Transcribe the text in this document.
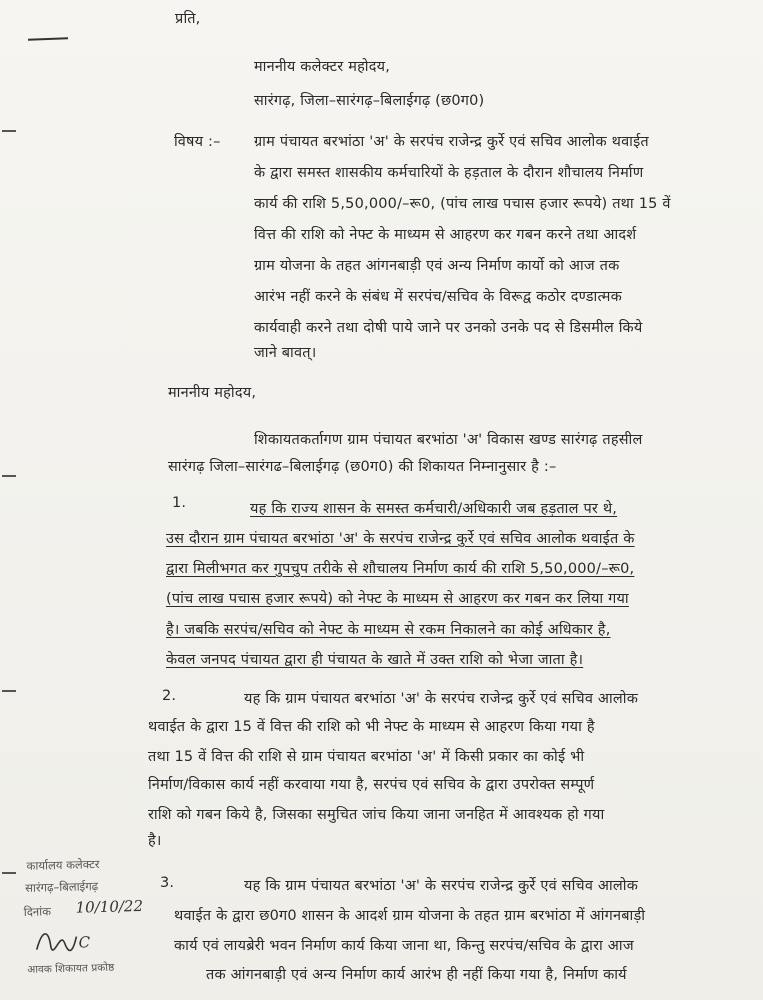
प्रति,
माननीय कलेक्टर महोदय,
सारंगढ़, जिला–सारंगढ़–बिलाईगढ़ (छ0ग0)
विषय :– ग्राम पंचायत बरभांठा 'अ' के सरपंच राजेन्द्र कुर्रे एवं सचिव आलोक थवाईत
के द्वारा समस्त शासकीय कर्मचारियों के हड़ताल के दौरान शौचालय निर्माण
कार्य की राशि 5,50,000/–रू0, (पांच लाख पचास हजार रूपये) तथा 15 वें
वित्त की राशि को नेफ्ट के माध्यम से आहरण कर गबन करने तथा आदर्श
ग्राम योजना के तहत आंगनबाड़ी एवं अन्य निर्माण कार्यो को आज तक
आरंभ नहीं करने के संबंध में सरपंच/सचिव के विरूद्व कठोर दण्डात्मक
कार्यवाही करने तथा दोषी पाये जाने पर उनको उनके पद से डिसमील किये
जाने बावत्।
माननीय महोदय,
शिकायतकर्तागण ग्राम पंचायत बरभांठा 'अ' विकास खण्ड सारंगढ़ तहसील
सारंगढ़ जिला–सारंगढ–बिलाईगढ़ (छ0ग0) की शिकायत निम्नानुसार है :–
1.	यह कि राज्य शासन के समस्त कर्मचारी/अधिकारी जब हड़ताल पर थे,
उस दौरान ग्राम पंचायत बरभांठा 'अ' के सरपंच राजेन्द्र कुर्रे एवं सचिव आलोक थवाईत के
द्वारा मिलीभगत कर गुपचुप तरीके से शौचालय निर्माण कार्य की राशि 5,50,000/–रू0,
(पांच लाख पचास हजार रूपये) को नेफ्ट के माध्यम से आहरण कर गबन कर लिया गया
है। जबकि सरपंच/सचिव को नेफ्ट के माध्यम से रकम निकालने का कोई अधिकार है,
केवल जनपद पंचायत द्वारा ही पंचायत के खाते में उक्त राशि को भेजा जाता है।
2.	यह कि ग्राम पंचायत बरभांठा 'अ' के सरपंच राजेन्द्र कुर्रे एवं सचिव आलोक
थवाईत के द्वारा 15 वें वित्त की राशि को भी नेफ्ट के माध्यम से आहरण किया गया है
तथा 15 वें वित्त की राशि से ग्राम पंचायत बरभांठा 'अ' में किसी प्रकार का कोई भी
निर्माण/विकास कार्य नहीं करवाया गया है, सरपंच एवं सचिव के द्वारा उपरोक्त सम्पूर्ण
राशि को गबन किये है, जिसका समुचित जांच किया जाना जनहित में आवश्यक हो गया
है।
3.	यह कि ग्राम पंचायत बरभांठा 'अ' के सरपंच राजेन्द्र कुर्रे एवं सचिव आलोक
थवाईत के द्वारा छ0ग0 शासन के आदर्श ग्राम योजना के तहत ग्राम बरभांठा में आंगनबाड़ी
कार्य एवं लायब्रेरी भवन निर्माण कार्य किया जाना था, किन्तु सरपंच/सचिव के द्वारा आज
तक आंगनबाड़ी एवं अन्य निर्माण कार्य आरंभ ही नहीं किया गया है, निर्माण कार्य
कार्यालय कलेक्टर
सारंगढ़–बिलाईगढ़
दिनांक 10/10/22
C
आवक शिकायत प्रकोष्ठ
